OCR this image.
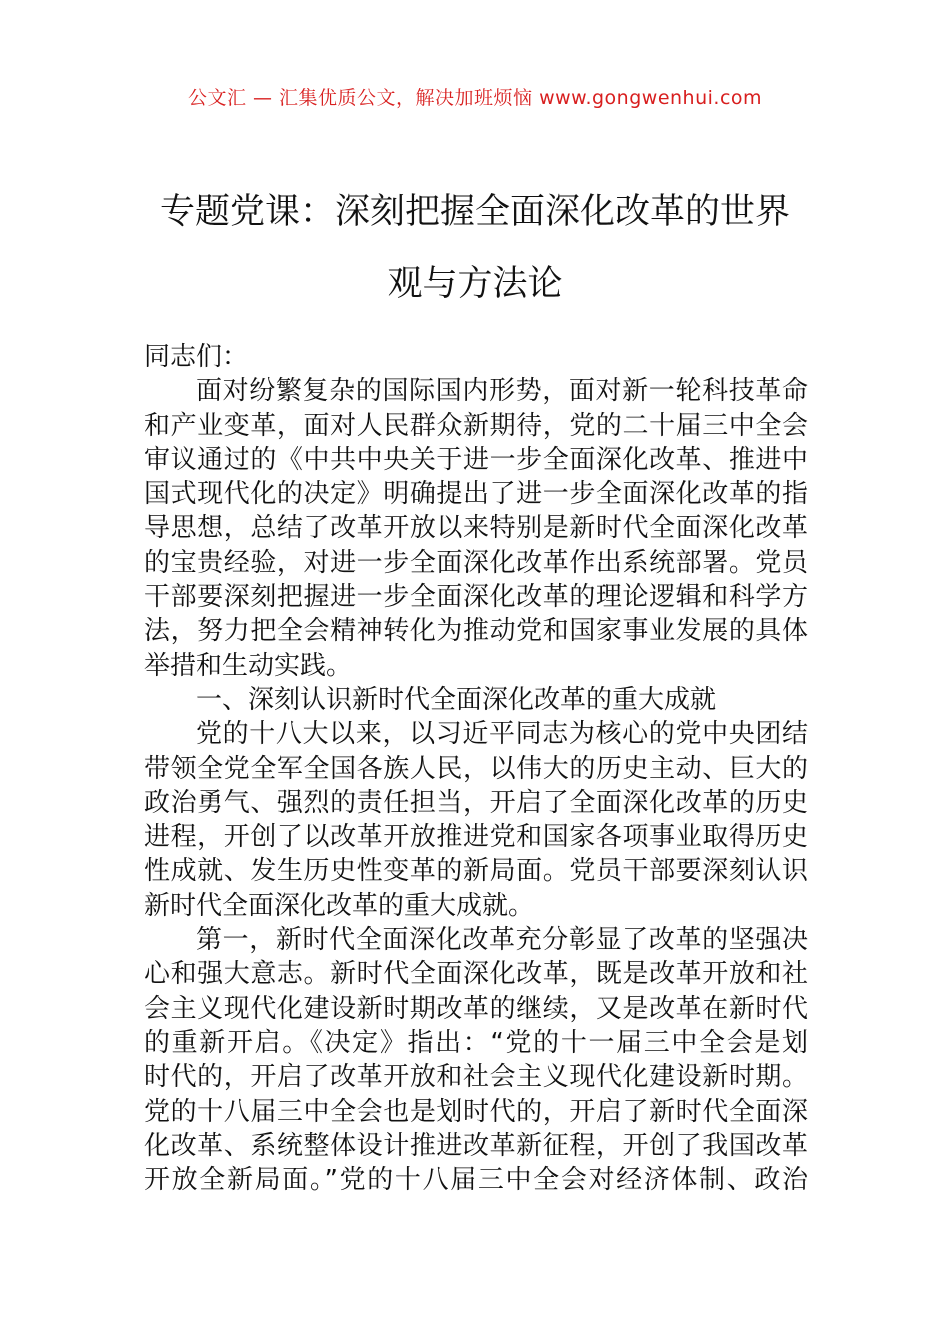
公文汇 — 汇集优质公文，解决加班烦恼 www.gongwenhui.com
专题党课：深刻把握全面深化改革的世界
观与方法论
同志们：
面对纷繁复杂的国际国内形势，面对新一轮科技革命
和产业变革，面对人民群众新期待，党的二十届三中全会
审议通过的《中共中央关于进一步全面深化改革、推进中
国式现代化的决定》明确提出了进一步全面深化改革的指
导思想，总结了改革开放以来特别是新时代全面深化改革
的宝贵经验，对进一步全面深化改革作出系统部署。党员
干部要深刻把握进一步全面深化改革的理论逻辑和科学方
法，努力把全会精神转化为推动党和国家事业发展的具体
举措和生动实践。
一、深刻认识新时代全面深化改革的重大成就
党的十八大以来，以习近平同志为核心的党中央团结
带领全党全军全国各族人民，以伟大的历史主动、巨大的
政治勇气、强烈的责任担当，开启了全面深化改革的历史
进程，开创了以改革开放推进党和国家各项事业取得历史
性成就、发生历史性变革的新局面。党员干部要深刻认识
新时代全面深化改革的重大成就。
第一，新时代全面深化改革充分彰显了改革的坚强决
心和强大意志。新时代全面深化改革，既是改革开放和社
会主义现代化建设新时期改革的继续，又是改革在新时代
的重新开启。《决定》指出：“党的十一届三中全会是划
时代的，开启了改革开放和社会主义现代化建设新时期。
党的十八届三中全会也是划时代的，开启了新时代全面深
化改革、系统整体设计推进改革新征程，开创了我国改革
开放全新局面。”党的十八届三中全会对经济体制、政治
